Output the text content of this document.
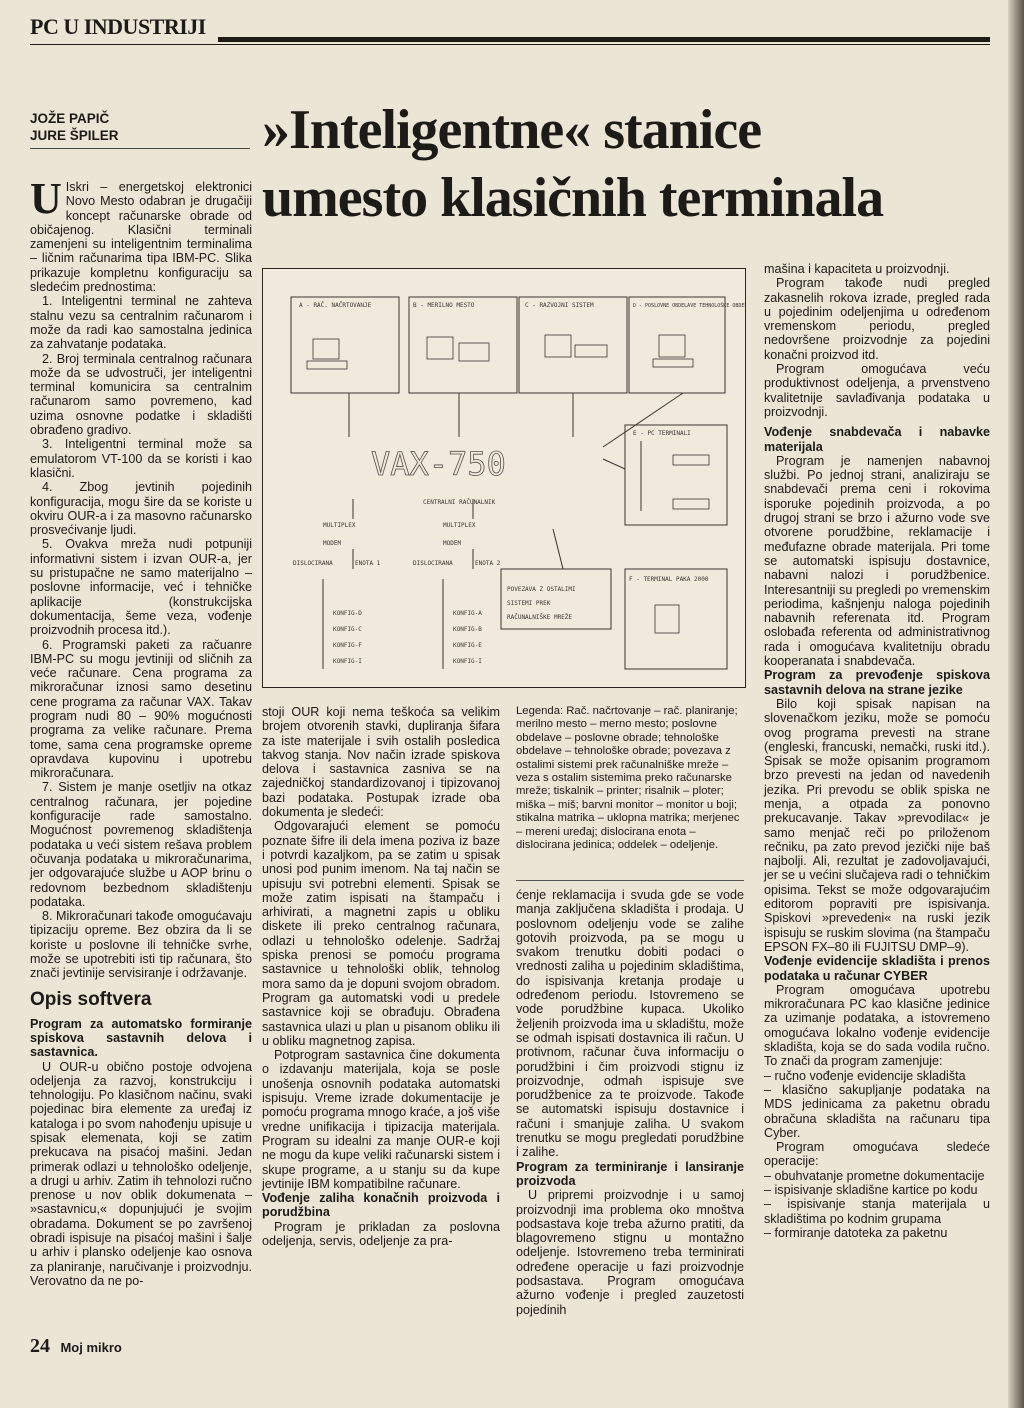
PC U INDUSTRIJI
JOŽE PAPIČ
JURE ŠPILER	»Inteligentne« stanice
umesto klasičnih terminala

U Iskri – energetskoj elektronici Novo Mesto odabran je drugačiji koncept računarske obrade od običajenog. Klasični terminali zamenjeni su inteligentnim terminalima – ličnim računarima tipa IBM-PC. Slika prikazuje kompletnu konfiguraciju sa sledećim prednostima:

1. Inteligentni terminal ne zahteva stalnu vezu sa centralnim računarom i može da radi kao samostalna jedinica za zahvatanje podataka.

2. Broj terminala centralnog računara može da se udvostruči, jer inteligentni terminal komunicira sa centralnim računarom samo povremeno, kad uzima osnovne podatke i skladišti obrađeno gradivo.

3. Inteligentni terminal može sa emulatorom VT-100 da se koristi i kao klasični.

4. Zbog jevtinih pojedinih konfiguracija, mogu šire da se koriste u okviru OUR-a i za masovno računarsko prosvećivanje ljudi.

5. Ovakva mreža nudi potpuniji informativni sistem i izvan OUR-a, jer su pristupačne ne samo materijalno – poslovne informacije, već i tehničke aplikacije (konstrukcijska dokumentacija, šeme veza, vođenje proizvodnih procesa itd.).

6. Programski paketi za račuanre IBM-PC su mogu jevtiniji od sličnih za veće računare. Cena programa za mikroračunar iznosi samo desetinu cene programa za računar VAX. Takav program nudi 80 – 90% mogućnosti programa za velike računare. Prema tome, sama cena programske opreme opravdava kupovinu i upotrebu mikroračunara.

7. Sistem je manje osetljiv na otkaz centralnog računara, jer pojedine konfiguracije rade samostalno. Mogućnost povremenog skladištenja podataka u veći sistem rešava problem očuvanja podataka u mikroračunarima, jer odgovarajuće službe u AOP brinu o redovnom bezbednom skladištenju podataka.

8. Mikroračunari takođe omogućavaju tipizaciju opreme. Bez obzira da li se koriste u poslovne ili tehničke svrhe, može se upotrebiti isti tip računara, što znači jevtinije servisiranje i održavanje.

Opis softvera
Program za automatsko formiranje spiskova sastavnih delova i sastavnica.

U OUR-u obično postoje odvojena odeljenja za razvoj, konstrukciju i tehnologiju. Po klasičnom načinu, svaki pojedinac bira elemente za uređaj iz kataloga i po svom nahođenju upisuje u spisak elemenata, koji se zatim prekucava na pisaćoj mašini. Jedan primerak odlazi u tehnološko odeljenje, a drugi u arhiv. Zatim ih tehnolozi ručno prenose u nov oblik dokumenata – »sastavnicu,« dopunjujući je svojim obradama. Dokument se po završenoj obradi ispisuje na pisaćoj mašini i šalje u arhiv i plansko odeljenje kao osnova za planiranje, naručivanje i proizvodnju. Verovatno da ne po-

A - RAČ. NAČRTOVANJE	B - MERILNO MESTO	C - RAZVOJNI SISTEM	D - POSLOVNE OBDELAVE TEHNOLOŠKE OBDELAVE
E - PC TERMINALI
F - TERMINAL PAKA 2000
CENTRALNI RAČUNALNIK
MULTIPLEX	MULTIPLEX
MODEM	MODEM
DISLOCIRANA	ENOTA 1	DISLOCIRANA	ENOTA 2
KONFIG-D
KONFIG-C
KONFIG-F
KONFIG-I
KONFIG-A
KONFIG-B
KONFIG-E
KONFIG-I
POVEZAVA Z OSTALIMI
SISTEMI PREK
RAČUNALNIŠKE MREŽE
VAX-750

stoji OUR koji nema teškoća sa velikim brojem otvorenih stavki, dupliranja šifara za iste materijale i svih ostalih posledica takvog stanja. Nov način izrade spiskova delova i sastavnica zasniva se na zajedničkoj standardizovanoj i tipizovanoj bazi podataka. Postupak izrade oba dokumenta je sledeći:

Odgovarajući element se pomoću poznate šifre ili dela imena poziva iz baze i potvrdi kazaljkom, pa se zatim u spisak unosi pod punim imenom. Na taj način se upisuju svi potrebni elementi. Spisak se može zatim ispisati na štampaču i arhivirati, a magnetni zapis u obliku diskete ili preko centralnog računara, odlazi u tehnološko odelenje. Sadržaj spiska prenosi se pomoću programa sastavnice u tehnološki oblik, tehnolog mora samo da je dopuni svojom obradom. Program ga automatski vodi u predele sastavnice koji se obrađuju. Obrađena sastavnica ulazi u plan u pisanom obliku ili u obliku magnetnog zapisa.

Potprogram sastavnica čine dokumenta o izdavanju materijala, koja se posle unošenja osnovnih podataka automatski ispisuju. Vreme izrade dokumentacije je pomoću programa mnogo kraće, a još više vredne unifikacija i tipizacija materijala. Program su idealni za manje OUR-e koji ne mogu da kupe veliki računarski sistem i skupe programe, a u stanju su da kupe jevtinije IBM kompatibilne računare.

Vođenje zaliha konačnih proizvoda i porudžbina

Program je prikladan za poslovna odeljenja, servis, odeljenje za pra-

Legenda: Rač. načrtovanje – rač. planiranje; merilno mesto – merno mesto; poslovne obdelave – poslovne obrade; tehnološke obdelave – tehnološke obrade; povezava z ostalimi sistemi prek računalniške mreže – veza s ostalim sistemima preko računarske mreže; tiskalnik – printer; risalnik – ploter; miška – miš; barvni monitor – monitor u boji; stikalna matrika – uklopna matrika; merjenec – mereni uređaj; dislocirana enota – dislocirana jedinica; oddelek – odeljenje.

ćenje reklamacija i svuda gde se vode manja zaključena skladišta i prodaja. U poslovnom odeljenju vode se zalihe gotovih proizvoda, pa se mogu u svakom trenutku dobiti podaci o vrednosti zaliha u pojedinim skladištima, do ispisivanja kretanja prodaje u određenom periodu. Istovremeno se vode porudžbine kupaca. Ukoliko željenih proizvoda ima u skladištu, može se odmah ispisati dostavnica ili račun. U protivnom, računar čuva informaciju o porudžbini i čim proizvodi stignu iz proizvodnje, odmah ispisuje sve porudžbenice za te proizvode. Takođe se automatski ispisuju dostavnice i računi i smanjuje zaliha. U svakom trenutku se mogu pregledati porudžbine i zalihe.

Program za terminiranje i lansiranje proizvoda

U pripremi proizvodnje i u samoj proizvodnji ima problema oko mnoštva podsastava koje treba ažurno pratiti, da blagovremeno stignu u montažno odeljenje. Istovremeno treba terminirati određene operacije u fazi proizvodnje podsastava. Program omogućava ažurno vođenje i pregled zauzetosti pojedinih

mašina i kapaciteta u proizvodnji.

Program takođe nudi pregled zakasnelih rokova izrade, pregled rada u pojedinim odeljenjima u određenom vremenskom periodu, pregled nedovršene proizvodnje za pojedini konačni proizvod itd.

Program omogućava veću produktivnost odeljenja, a prvenstveno kvalitetnije savlađivanja podataka u proizvodnji.

Vođenje snabdevača i nabavke materijala

Program je namenjen nabavnoj službi. Po jednoj strani, analiziraju se snabdevači prema ceni i rokovima isporuke pojedinih proizvoda, a po drugoj strani se brzo i ažurno vode sve otvorene porudžbine, reklamacije i međufazne obrade materijala. Pri tome se automatski ispisuju dostavnice, nabavni nalozi i porudžbenice. Interesantniji su pregledi po vremenskim periodima, kašnjenju naloga pojedinih nabavnih referenata itd. Program oslobađa referenta od administrativnog rada i omogućava kvalitetniju obradu kooperanata i snabdevača.

Program za prevođenje spiskova sastavnih delova na strane jezike

Bilo koji spisak napisan na slovenačkom jeziku, može se pomoću ovog programa prevesti na strane (engleski, francuski, nemački, ruski itd.). Spisak se može opisanim programom brzo prevesti na jedan od navedenih jezika. Pri prevodu se oblik spiska ne menja, a otpada za ponovno prekucavanje. Takav »prevodilac« je samo menjač reči po priloženom rečniku, pa zato prevod jezički nije baš najbolji. Ali, rezultat je zadovoljavajući, jer se u većini slučajeva radi o tehničkim opisima. Tekst se može odgovarajućim editorom popraviti pre ispisivanja. Spiskovi »prevedeni« na ruski jezik ispisuju se ruskim slovima (na štampaču EPSON FX–80 ili FUJITSU DMP–9).

Vođenje evidencije skladišta i prenos podataka u računar CYBER

Program omogućava upotrebu mikroračunara PC kao klasične jedinice za uzimanje podataka, a istovremeno omogućava lokalno vođenje evidencije skladišta, koja se do sada vodila ručno. To znači da program zamenjuje:

– ručno vođenje evidencije skladišta

– klasično sakupljanje podataka na MDS jedinicama za paketnu obradu obračuna skladišta na računaru tipa Cyber.

Program omogućava sledeće operacije:

– obuhvatanje prometne dokumentacije

– ispisivanje skladišne kartice po kodu

– ispisivanje stanja materijala u skladištima po kodnim grupama

– formiranje datoteka za paketnu

24 Moj mikro
